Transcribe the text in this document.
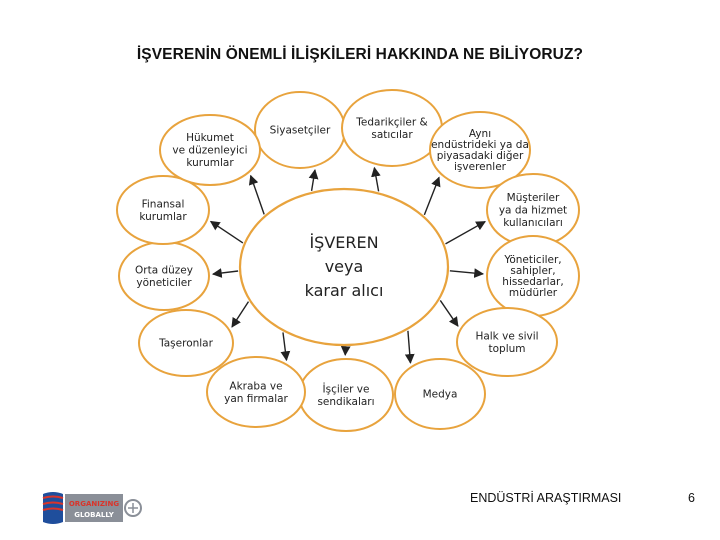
İŞVERENİN ÖNEMLİ İLİŞKİLERİ HAKKINDA NE BİLİYORUZ?
Siyasetçiler
Tedarikçiler &
satıcılar	Aynı
endüstrideki ya da
piyasadaki diğer
işverenler
Müşteriler
ya da hizmet
kullanıcıları
Yöneticiler,
sahipler,
hissedarlar,
müdürler
Halk ve sivil
toplum
Medya
İşçiler ve
sendikaları
Akraba ve
yan firmalar
Taşeronlar
Orta düzey
yöneticiler
Finansal
kurumlar
Hükumet
ve düzenleyici
kurumlar
İŞVEREN
veya
karar alıcı
ENDÜSTRİ ARAŞTIRMASI	6
ORGANIZING
GLOBALLY
